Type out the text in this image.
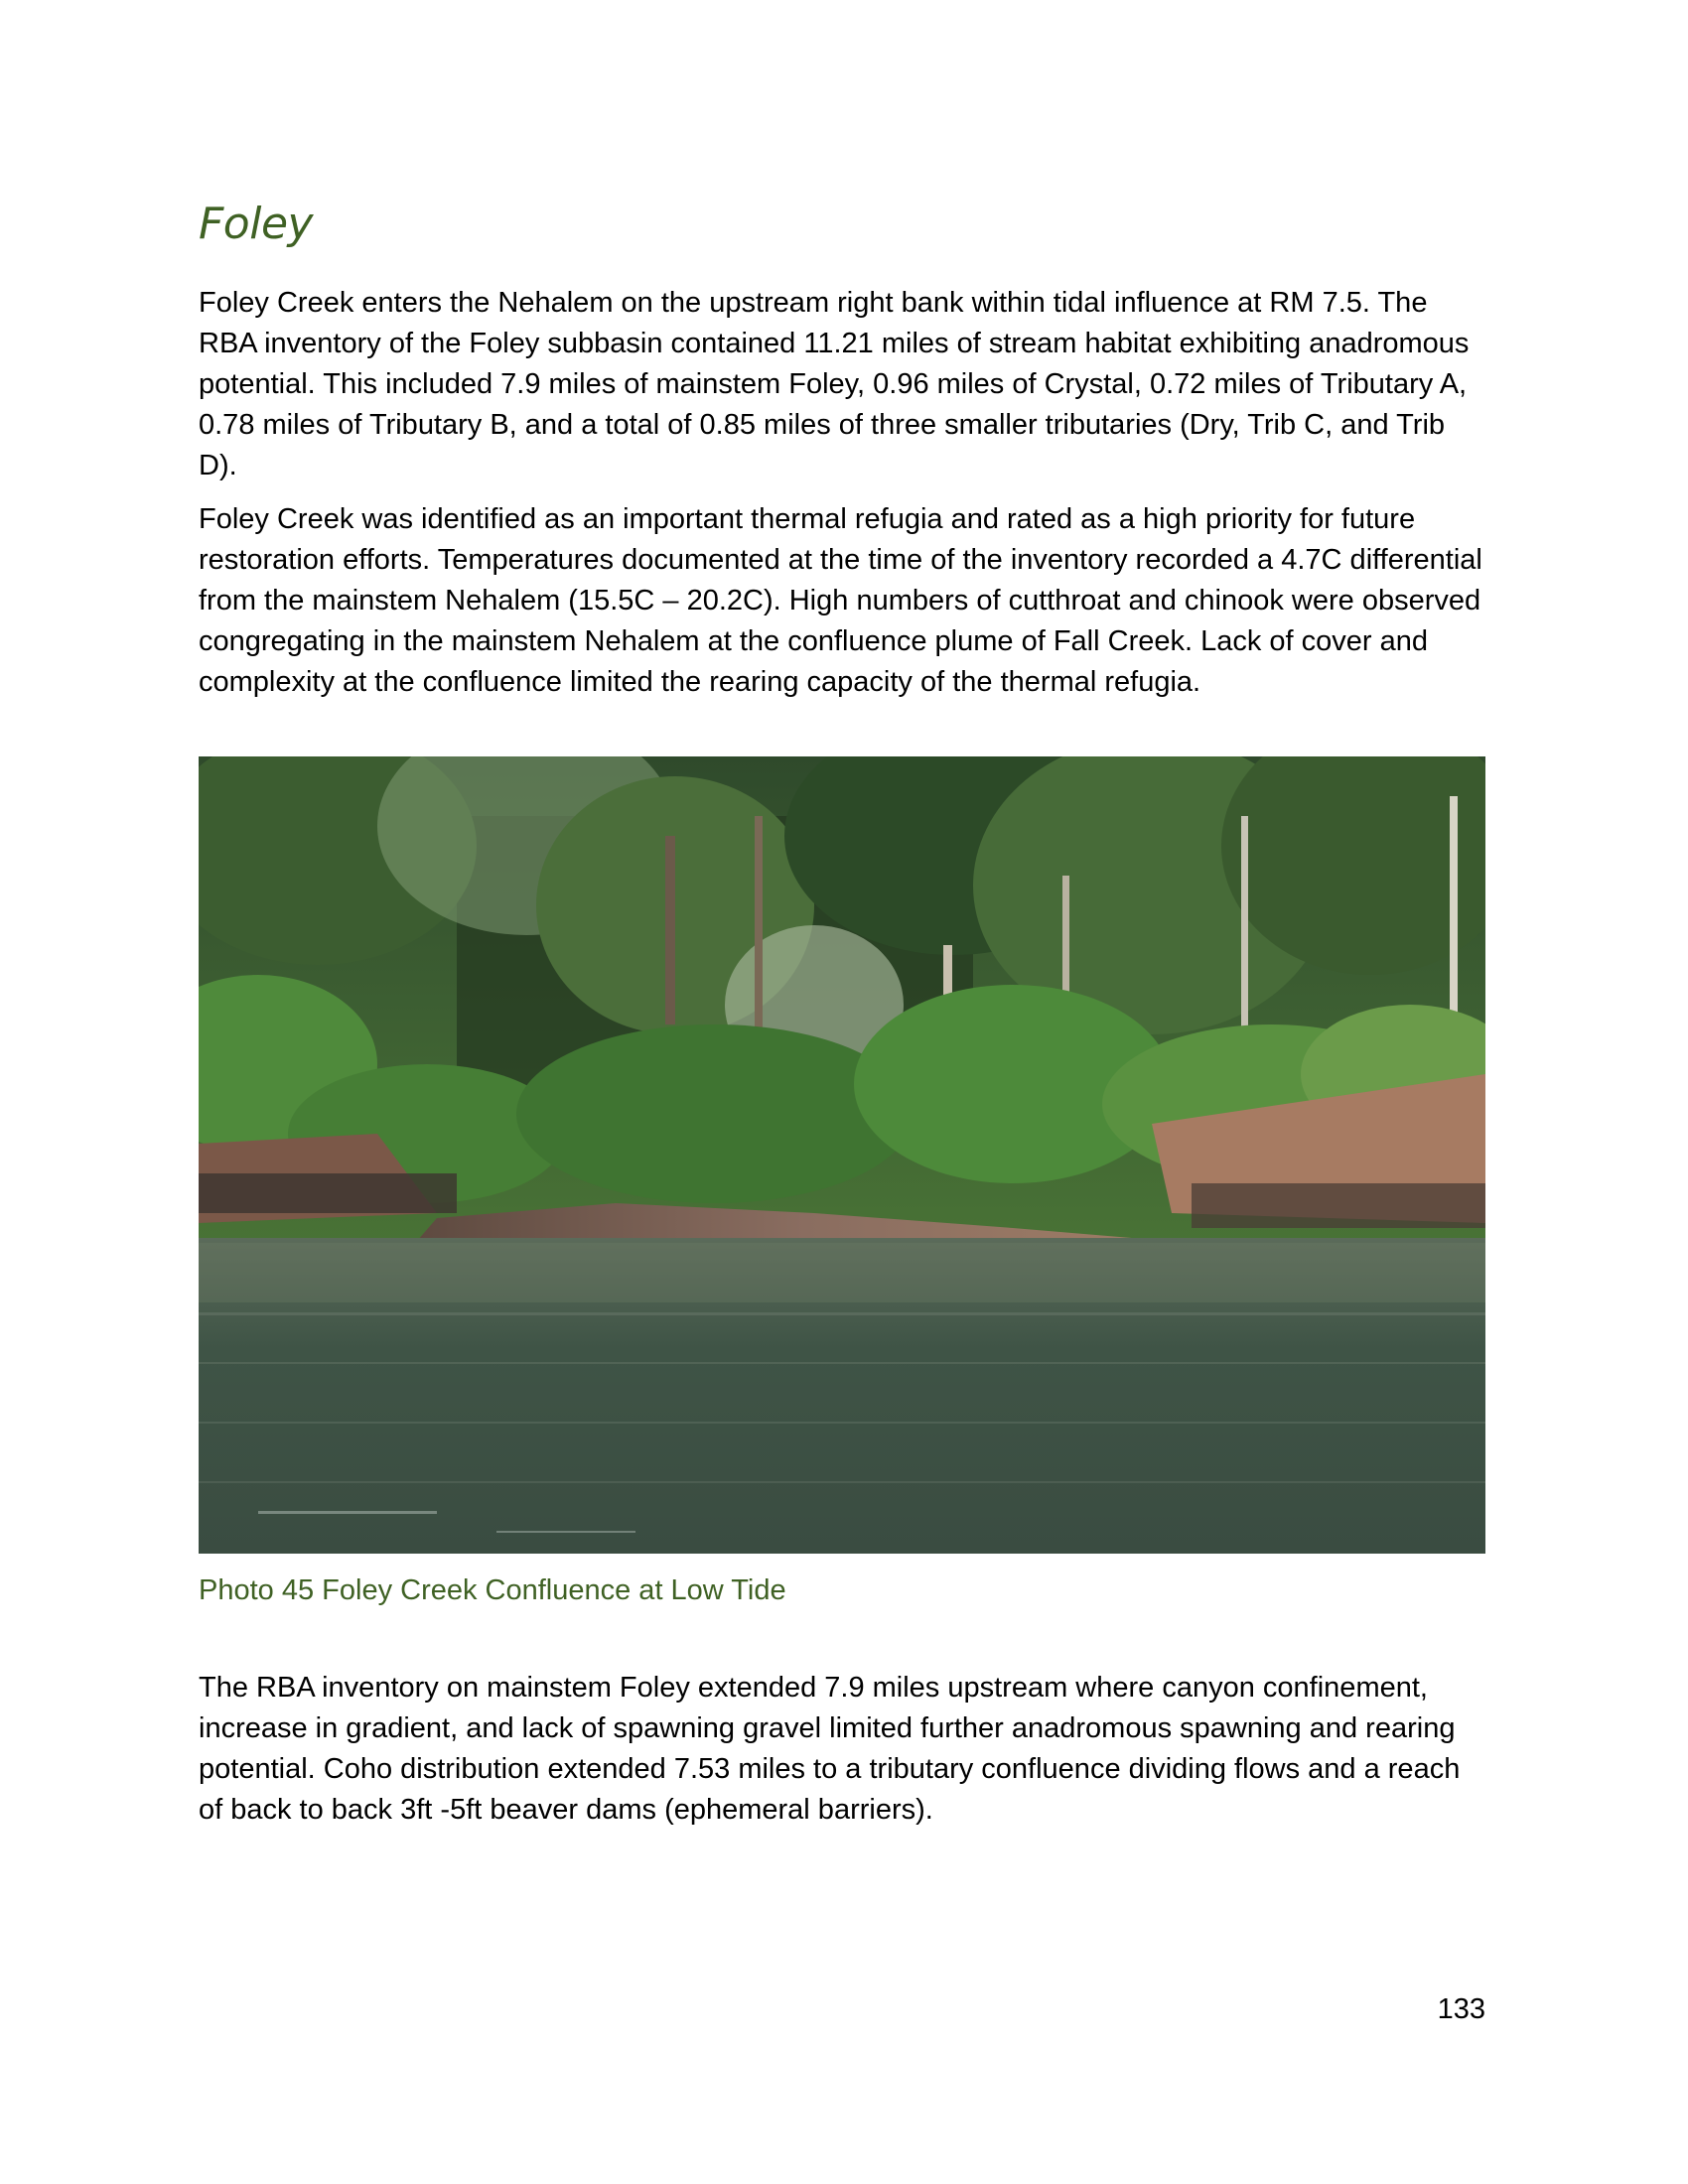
Foley

Foley Creek enters the Nehalem on the upstream right bank within tidal influence at RM 7.5. The RBA inventory of the Foley subbasin contained 11.21 miles of stream habitat exhibiting anadromous potential. This included 7.9 miles of mainstem Foley, 0.96 miles of Crystal, 0.72 miles of Tributary A, 0.78 miles of Tributary B, and a total of 0.85 miles of three smaller tributaries (Dry, Trib C, and Trib D).

Foley Creek was identified as an important thermal refugia and rated as a high priority for future restoration efforts. Temperatures documented at the time of the inventory recorded a 4.7C differential from the mainstem Nehalem (15.5C – 20.2C). High numbers of cutthroat and chinook were observed congregating in the mainstem Nehalem at the confluence plume of Fall Creek. Lack of cover and complexity at the confluence limited the rearing capacity of the thermal refugia.

Photo 45 Foley Creek Confluence at Low Tide

The RBA inventory on mainstem Foley extended 7.9 miles upstream where canyon confinement, increase in gradient, and lack of spawning gravel limited further anadromous spawning and rearing potential. Coho distribution extended 7.53 miles to a tributary confluence dividing flows and a reach of back to back 3ft -5ft beaver dams (ephemeral barriers).

133
